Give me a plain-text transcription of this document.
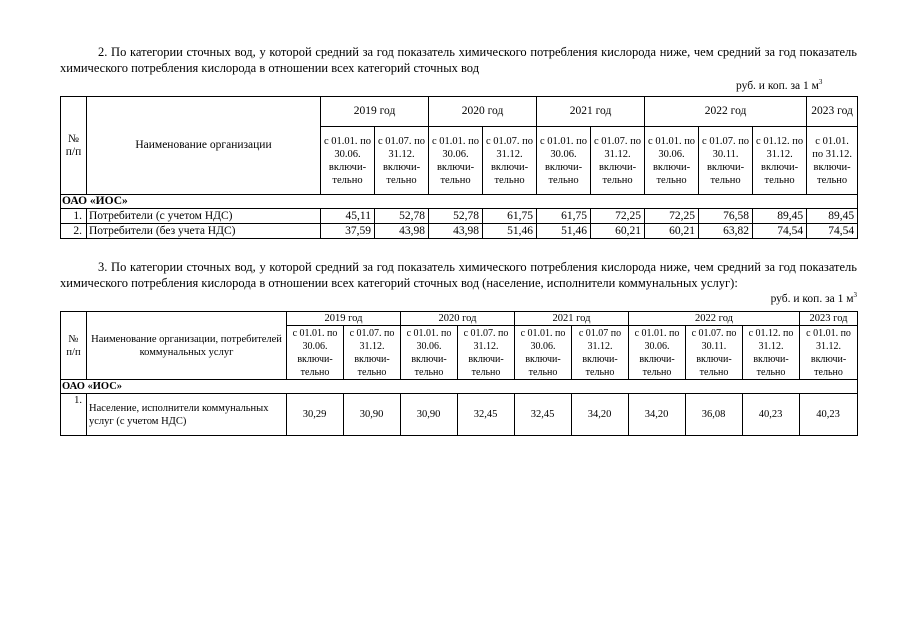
2. По категории сточных вод, у которой средний за год показатель химического потребления кислорода ниже, чем средний за год показатель химического потребления кислорода в отношении всех категорий сточных вод
руб. и коп. за 1 $м^3$
№ п/п	Наименование организации	2019 год		2020 год		2021 год		2022 год			2023 год
		с 01.01. по 30.06. включи-тельно	с 01.07. по 31.12. включи-тельно	с 01.01. по 30.06. включи-тельно	с 01.07. по 31.12. включи-тельно	с 01.01. по 30.06. включи-тельно	с 01.07. по 31.12. включи-тельно	с 01.01. по 30.06. включи-тельно	с 01.07. по 30.11. включи-тельно	с 01.12. по 31.12. включи-тельно	с 01.01. по 31.12. включи-тельно
ОАО «ИОС»											
1.	Потребители (с учетом НДС)	45,11	52,78	52,78	61,75	61,75	72,25	72,25	76,58	89,45	89,45
2.	Потребители (без учета НДС)	37,59	43,98	43,98	51,46	51,46	60,21	60,21	63,82	74,54	74,54
3. По категории сточных вод, у которой средний за год показатель химического потребления кислорода ниже, чем средний за год показатель химического потребления кислорода в отношении всех категорий сточных вод (население, исполнители коммунальных услуг):
руб. и коп. за 1 $м^3$
№ п/п	Наименование организации, потребителей коммунальных услуг	2019 год		2020 год		2021 год		2022 год			2023 год
		с 01.01. по 30.06. включи-тельно	с 01.07. по 31.12. включи-тельно	с 01.01. по 30.06. включи-тельно	с 01.07. по 31.12. включи-тельно	с 01.01. по 30.06. включи-тельно	с 01.07 по 31.12. включи-тельно	с 01.01. по 30.06. включи-тельно	с 01.07. по 30.11. включи-тельно	с 01.12. по 31.12. включи-тельно	с 01.01. по 31.12. включи-тельно
ОАО «ИОС»											
1.	Население, исполнители коммунальных услуг (с учетом НДС)	30,29	30,90	30,90	32,45	32,45	34,20	34,20	36,08	40,23	40,23
